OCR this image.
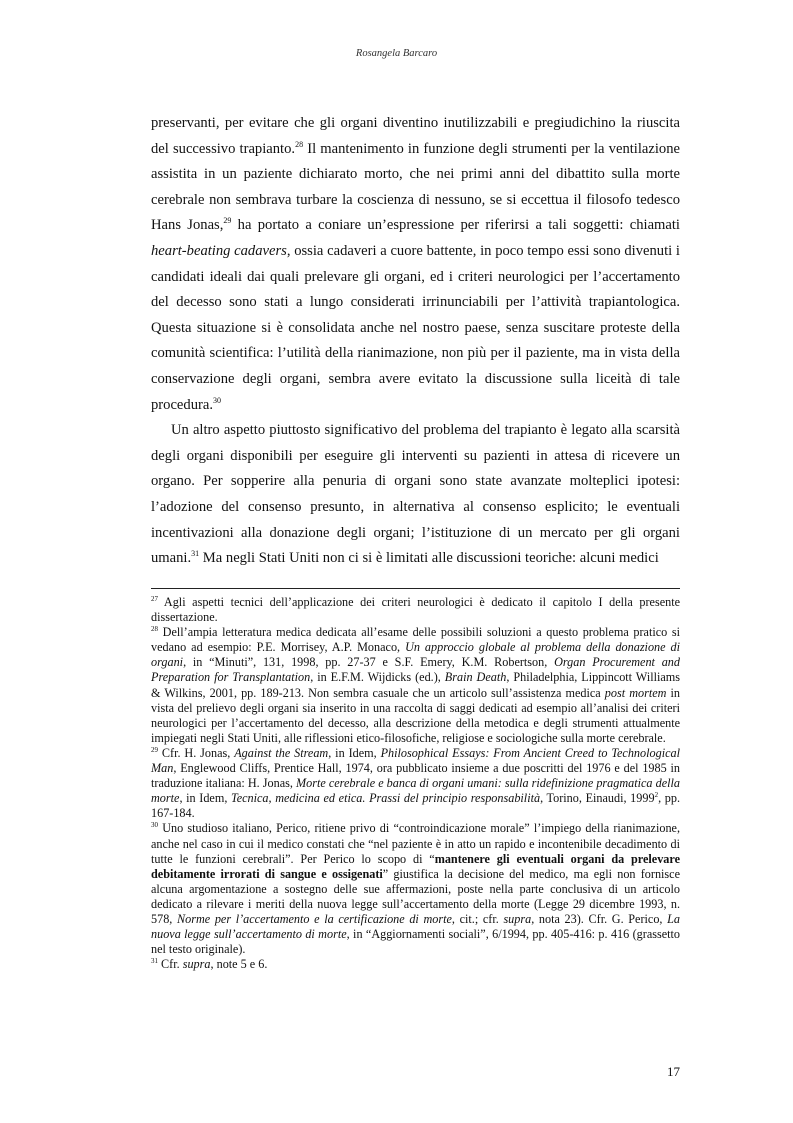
Rosangela Barcaro

preservanti, per evitare che gli organi diventino inutilizzabili e pregiudichino la riuscita del successivo trapianto.$^{28}$ Il mantenimento in funzione degli strumenti per la ventilazione assistita in un paziente dichiarato morto, che nei primi anni del dibattito sulla morte cerebrale non sembrava turbare la coscienza di nessuno, se si eccettua il filosofo tedesco Hans Jonas,$^{29}$ ha portato a coniare un’espressione per riferirsi a tali soggetti: chiamati heart-beating cadavers, ossia cadaveri a cuore battente, in poco tempo essi sono divenuti i candidati ideali dai quali prelevare gli organi, ed i criteri neurologici per l’accertamento del decesso sono stati a lungo considerati irrinunciabili per l’attività trapiantologica. Questa situazione si è consolidata anche nel nostro paese, senza suscitare proteste della comunità scientifica: l’utilità della rianimazione, non più per il paziente, ma in vista della conservazione degli organi, sembra avere evitato la discussione sulla liceità di tale procedura.$^{30}$

Un altro aspetto piuttosto significativo del problema del trapianto è legato alla scarsità degli organi disponibili per eseguire gli interventi su pazienti in attesa di ricevere un organo. Per sopperire alla penuria di organi sono state avanzate molteplici ipotesi: l’adozione del consenso presunto, in alternativa al consenso esplicito; le eventuali incentivazioni alla donazione degli organi; l’istituzione di un mercato per gli organi umani.$^{31}$ Ma negli Stati Uniti non ci si è limitati alle discussioni teoriche: alcuni medici

$^{27}$ Agli aspetti tecnici dell’applicazione dei criteri neurologici è dedicato il capitolo I della presente dissertazione.

$^{28}$ Dell’ampia letteratura medica dedicata all’esame delle possibili soluzioni a questo problema pratico si vedano ad esempio: P.E. Morrisey, A.P. Monaco, Un approccio globale al problema della donazione di organi, in “Minuti”, 131, 1998, pp. 27-37 e S.F. Emery, K.M. Robertson, Organ Procurement and Preparation for Transplantation, in E.F.M. Wijdicks (ed.), Brain Death, Philadelphia, Lippincott Williams & Wilkins, 2001, pp. 189-213. Non sembra casuale che un articolo sull’assistenza medica post mortem in vista del prelievo degli organi sia inserito in una raccolta di saggi dedicati ad esempio all’analisi dei criteri neurologici per l’accertamento del decesso, alla descrizione della metodica e degli strumenti attualmente impiegati negli Stati Uniti, alle riflessioni etico-filosofiche, religiose e sociologiche sulla morte cerebrale.

$^{29}$ Cfr. H. Jonas, Against the Stream, in Idem, Philosophical Essays: From Ancient Creed to Technological Man, Englewood Cliffs, Prentice Hall, 1974, ora pubblicato insieme a due poscritti del 1976 e del 1985 in traduzione italiana: H. Jonas, Morte cerebrale e banca di organi umani: sulla ridefinizione pragmatica della morte, in Idem, Tecnica, medicina ed etica. Prassi del principio responsabilità, Torino, Einaudi, 1999$^2$, pp. 167-184.

$^{30}$ Uno studioso italiano, Perico, ritiene privo di “controindicazione morale” l’impiego della rianimazione, anche nel caso in cui il medico constati che “nel paziente è in atto un rapido e incontenibile decadimento di tutte le funzioni cerebrali”. Per Perico lo scopo di “mantenere gli eventuali organi da prelevare debitamente irrorati di sangue e ossigenati” giustifica la decisione del medico, ma egli non fornisce alcuna argomentazione a sostegno delle sue affermazioni, poste nella parte conclusiva di un articolo dedicato a rilevare i meriti della nuova legge sull’accertamento della morte (Legge 29 dicembre 1993, n. 578, Norme per l’accertamento e la certificazione di morte, cit.; cfr. supra, nota 23). Cfr. G. Perico, La nuova legge sull’accertamento di morte, in “Aggiornamenti sociali”, 6/1994, pp. 405-416: p. 416 (grassetto nel testo originale).

$^{31}$ Cfr. supra, note 5 e 6.

17
